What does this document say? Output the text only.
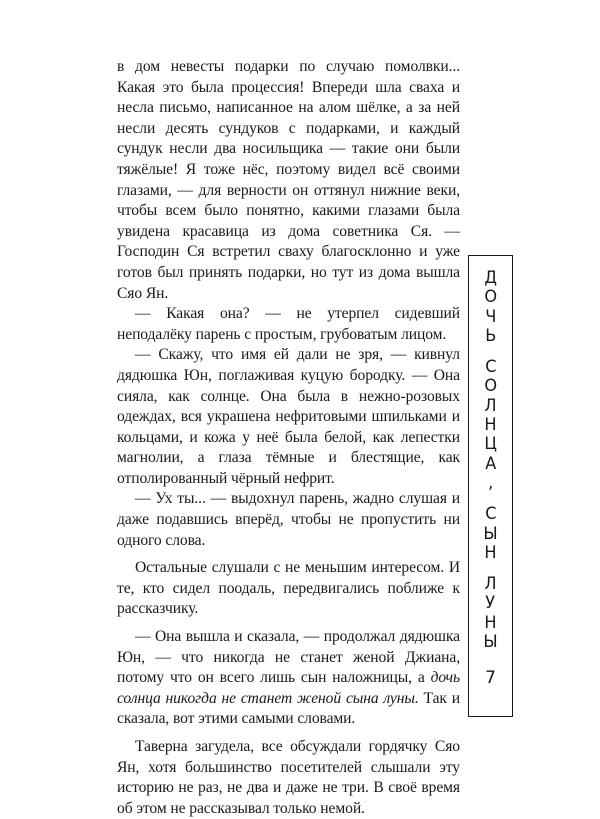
в дом невесты подарки по случаю помолвки... Какая это была процессия! Впереди шла сваха и несла письмо, написанное на алом шёлке, а за ней несли десять сундуков с подарками, и каждый сундук несли два носильщика — такие они были тяжёлые! Я тоже нёс, поэтому видел всё своими глазами, — для верности он оттянул нижние веки, чтобы всем было понятно, какими глазами была увидена красавица из дома советника Ся. — Господин Ся встретил сваху благосклонно и уже готов был принять подарки, но тут из дома вышла Сяо Ян.

— Какая она? — не утерпел сидевший неподалёку парень с простым, грубоватым лицом.

— Скажу, что имя ей дали не зря, — кивнул дядюшка Юн, поглаживая куцую бородку. — Она сияла, как солнце. Она была в нежно-розовых одеждах, вся украшена нефритовыми шпильками и кольцами, и кожа у неё была белой, как лепестки магнолии, а глаза тёмные и блестящие, как отполированный чёрный нефрит.

— Ух ты... — выдохнул парень, жадно слушая и даже подавшись вперёд, чтобы не пропустить ни одного слова.

Остальные слушали с не меньшим интересом. И те, кто сидел поодаль, передвигались поближе к рассказчику.

— Она вышла и сказала, — продолжал дядюшка Юн, — что никогда не станет женой Джиана, потому что он всего лишь сын наложницы, а дочь солнца никогда не станет женой сына луны. Так и сказала, вот этими самыми словами.

Таверна загудела, все обсуждали гордячку Сяо Ян, хотя большинство посетителей слышали эту историю не раз, не два и даже не три. В своё время об этом не рассказывал только немой.

Д
О
Ч
Ь
С
О
Л
Н
Ц
А
,
С
Ы
Н
Л
У
Н
Ы
7
